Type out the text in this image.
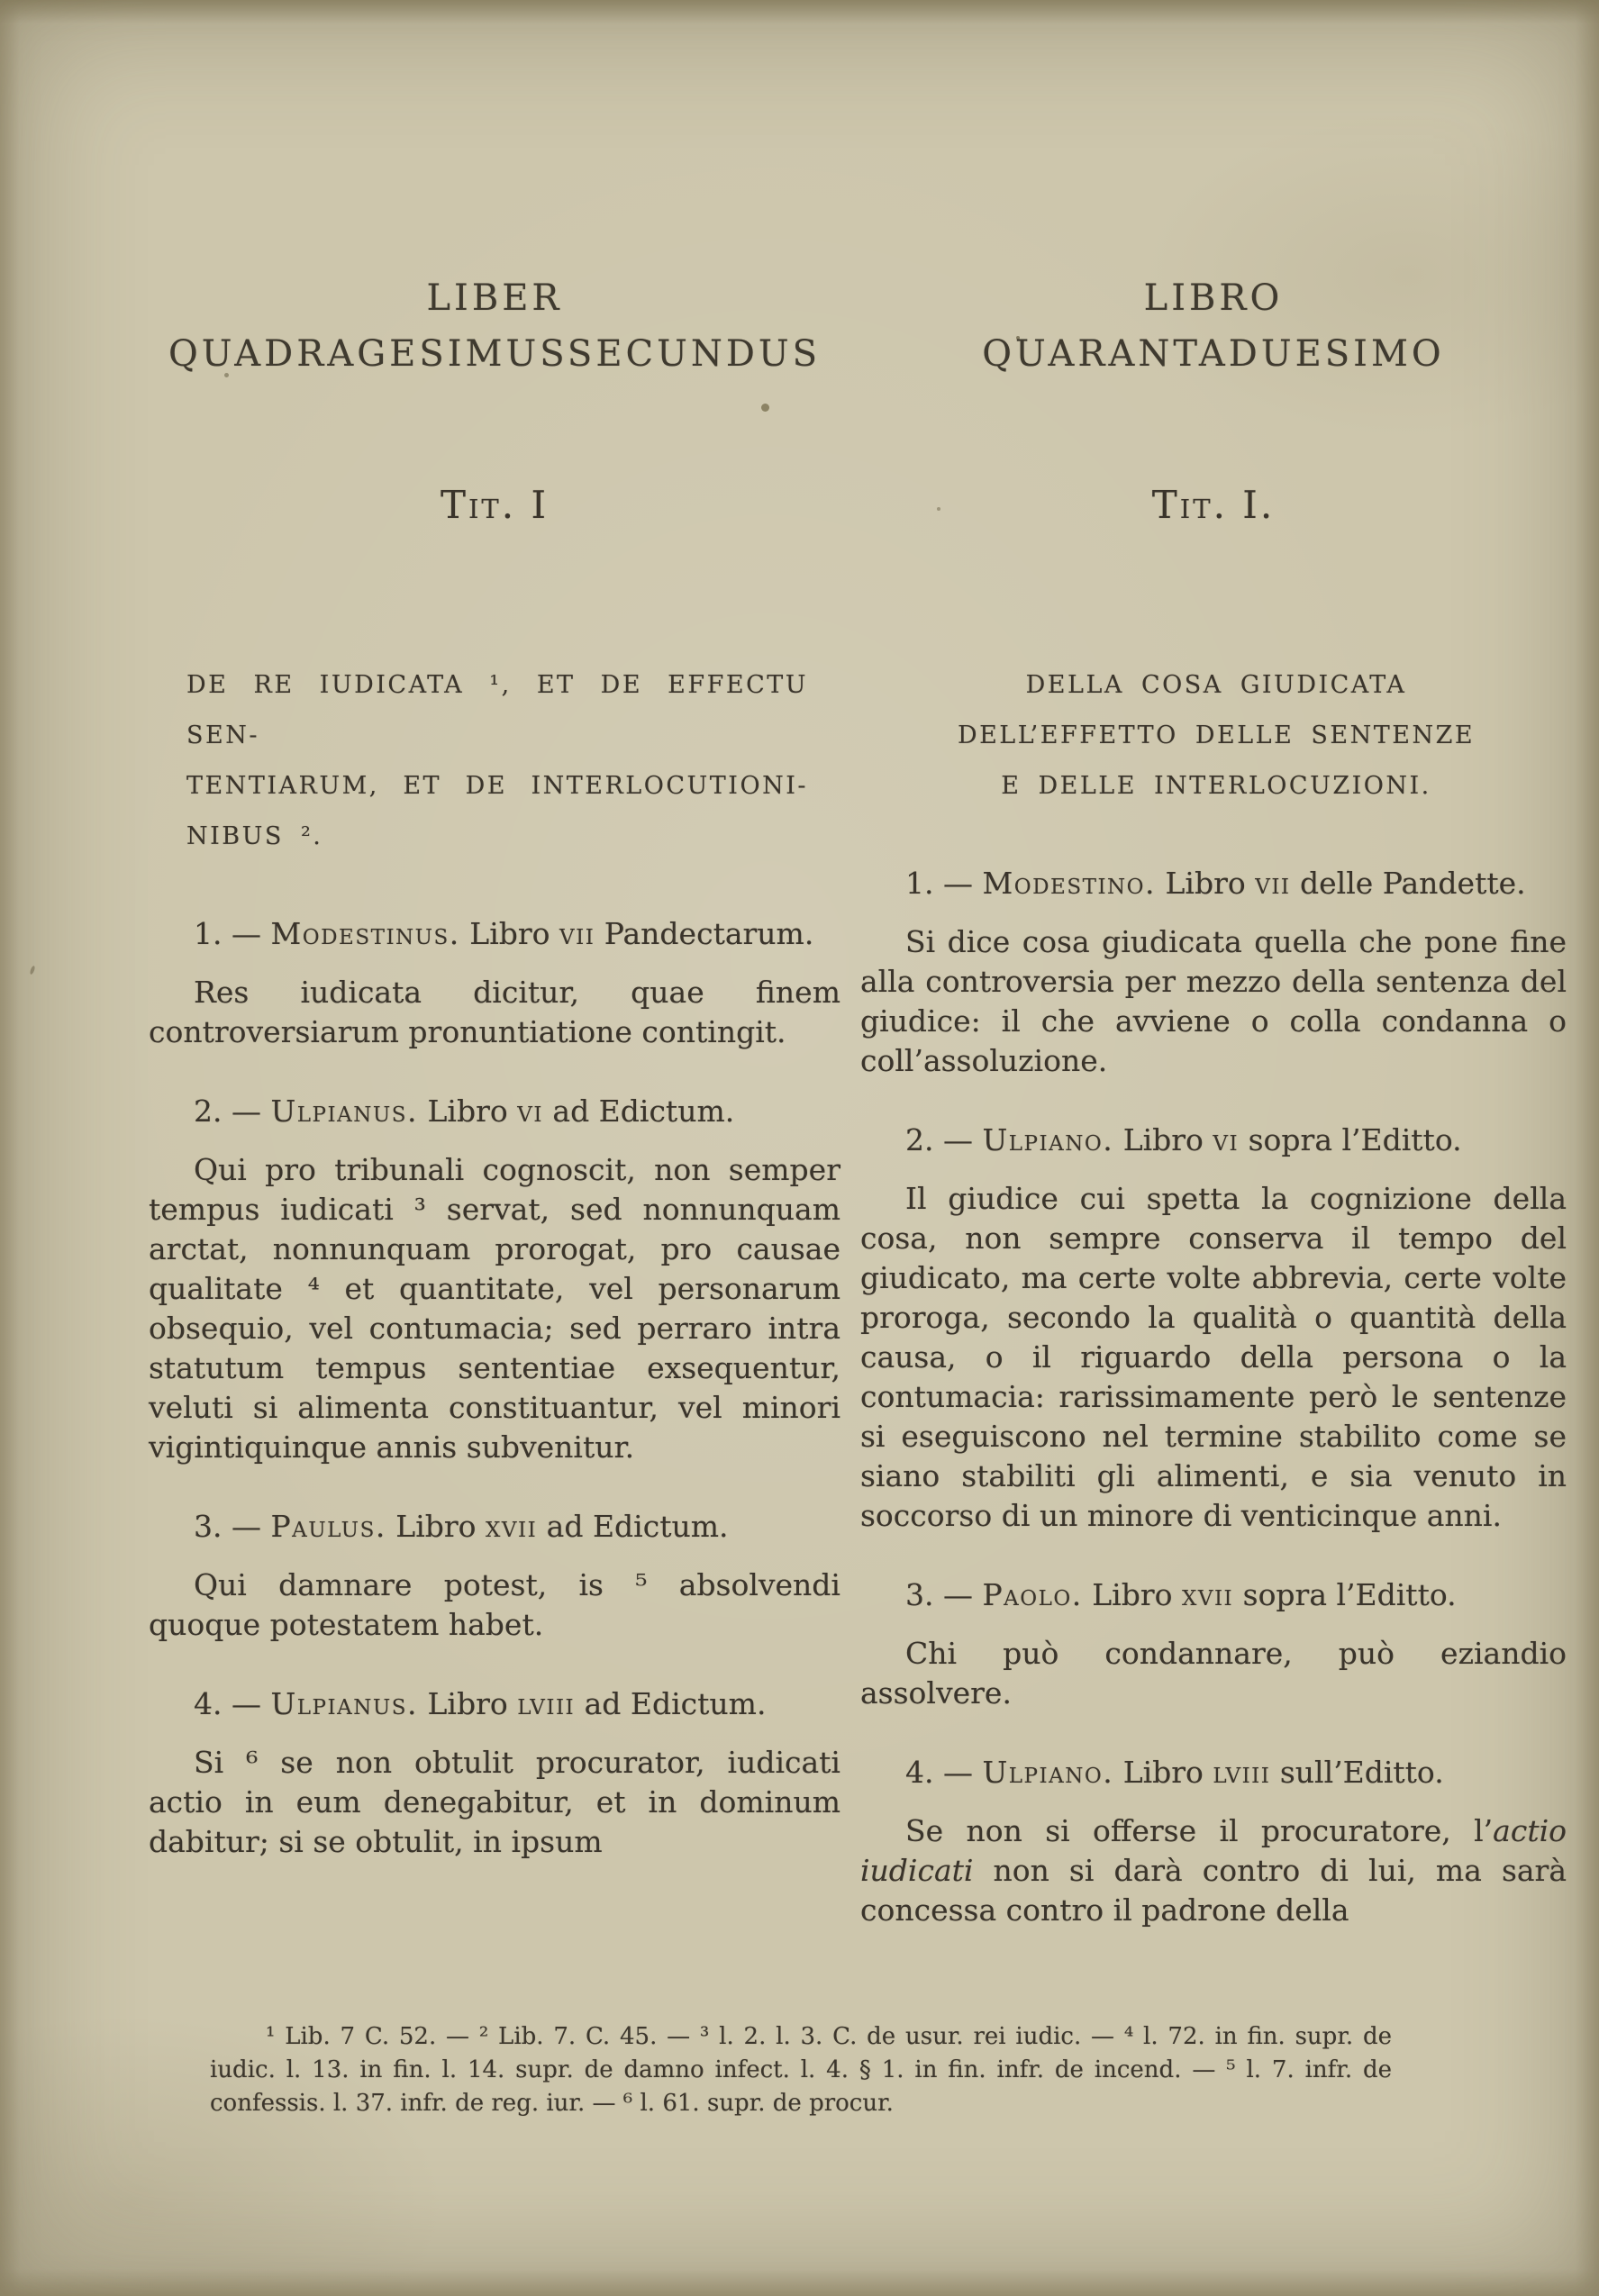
LIBER
QUADRAGESIMUSSECUNDUS
Tit. I
DE RE IUDICATA ¹, ET DE EFFECTU SEN-
TENTIARUM, ET DE INTERLOCUTIONI-
NIBUS ².

1. — Modestinus. Libro vii Pandectarum.

Res iudicata dicitur, quae finem controversiarum pronuntiatione contingit.

2. — Ulpianus. Libro vi ad Edictum.

Qui pro tribunali cognoscit, non semper tempus iudicati ³ servat, sed nonnunquam arctat, nonnunquam prorogat, pro causae qualitate ⁴ et quantitate, vel personarum obsequio, vel contumacia; sed perraro intra statutum tempus sententiae exsequentur, veluti si alimenta constituantur, vel minori vigintiquinque annis subvenitur.

3. — Paulus. Libro xvii ad Edictum.

Qui damnare potest, is ⁵ absolvendi quoque potestatem habet.

4. — Ulpianus. Libro lviii ad Edictum.

Si ⁶ se non obtulit procurator, iudicati actio in eum denegabitur, et in dominum dabitur; si se obtulit, in ipsum

LIBRO
QUARANTADUESIMO
Tit. I.
DELLA COSA GIUDICATA
DELL’EFFETTO DELLE SENTENZE
E DELLE INTERLOCUZIONI.

1. — Modestino. Libro vii delle Pandette.

Si dice cosa giudicata quella che pone fine alla controversia per mezzo della sentenza del giudice: il che avviene o colla condanna o coll’assoluzione.

2. — Ulpiano. Libro vi sopra l’Editto.

Il giudice cui spetta la cognizione della cosa, non sempre conserva il tempo del giudicato, ma certe volte abbrevia, certe volte proroga, secondo la qualità o quantità della causa, o il riguardo della persona o la contumacia: rarissimamente però le sentenze si eseguiscono nel termine stabilito come se siano stabiliti gli alimenti, e sia venuto in soccorso di un minore di venticinque anni.

3. — Paolo. Libro xvii sopra l’Editto.

Chi può condannare, può eziandio assolvere.

4. — Ulpiano. Libro lviii sull’Editto.

Se non si offerse il procuratore, l’actio iudicati non si darà contro di lui, ma sarà concessa contro il padrone della

¹ Lib. 7 C. 52. — ² Lib. 7. C. 45. — ³ l. 2. l. 3. C. de usur. rei iudic. — ⁴ l. 72. in fin. supr. de iudic. l. 13. in fin. l. 14. supr. de damno infect. l. 4. § 1. in fin. infr. de incend. — ⁵ l. 7. infr. de confessis. l. 37. infr. de reg. iur. — ⁶ l. 61. supr. de procur.
